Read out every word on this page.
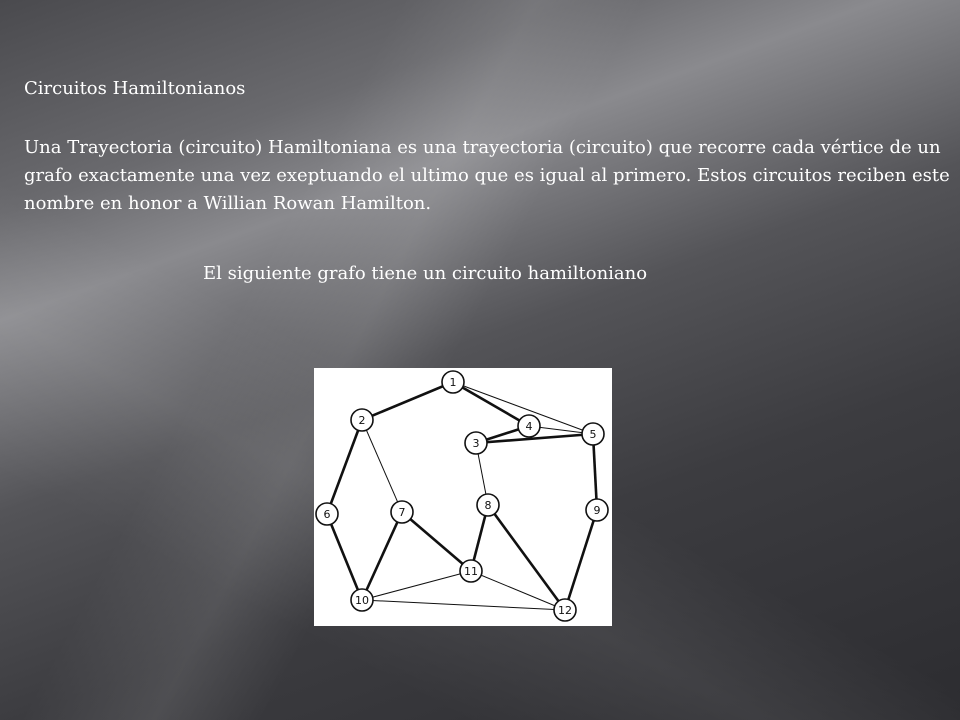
Circuitos Hamiltonianos

Una Trayectoria (circuito) Hamiltoniana es una trayectoria (circuito) que recorre cada vértice de un grafo exactamente una vez exeptuando el ultimo que es igual al primero. Estos circuitos reciben este nombre en honor a Willian Rowan Hamilton.

El siguiente grafo tiene un circuito hamiltoniano

1
2
3
4
5
6	7
8	9
10
11
12
